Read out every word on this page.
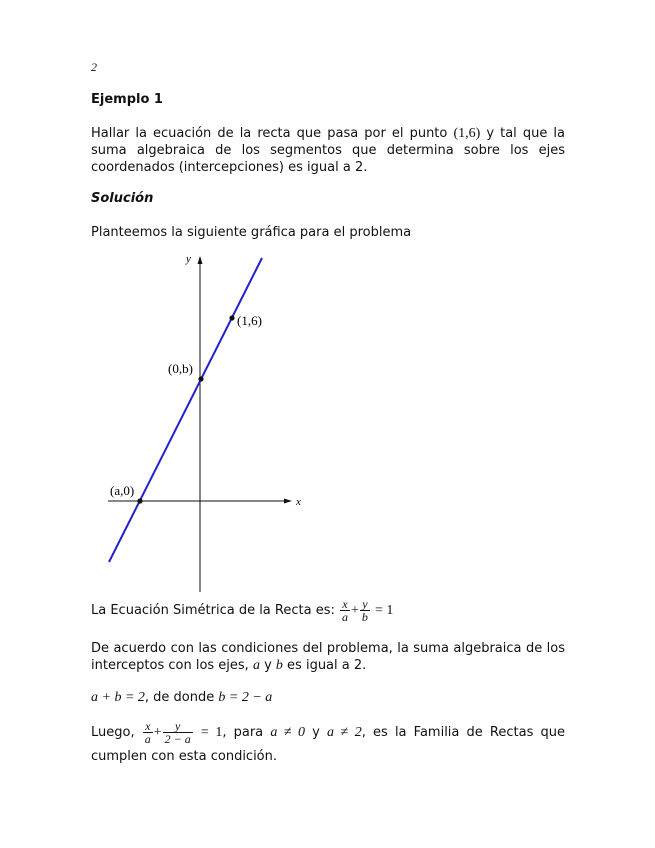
2
Ejemplo 1

Hallar la ecuación de la recta que pasa por el punto (1,6) y tal que la suma algebraica de los segmentos que determina sobre los ejes coordenados (intercepciones) es igual a 2.

Solución
Planteemos la siguiente gráfica para el problema
y
x
(1,6)
(0,b)
(a,0)
La Ecuación Simétrica de la Recta es: $\frac{x}{a} + \frac{y}{b} = 1$

De acuerdo con las condiciones del problema, la suma algebraica de los interceptos con los ejes, a y b es igual a 2.

a + b = 2, de donde b = 2 − a

Luego, $\frac{x}{a} + \frac{y}{2 - a} = 1$, para a ≠ 0 y a ≠ 2, es la Familia de Rectas que cumplen con esta condición.
